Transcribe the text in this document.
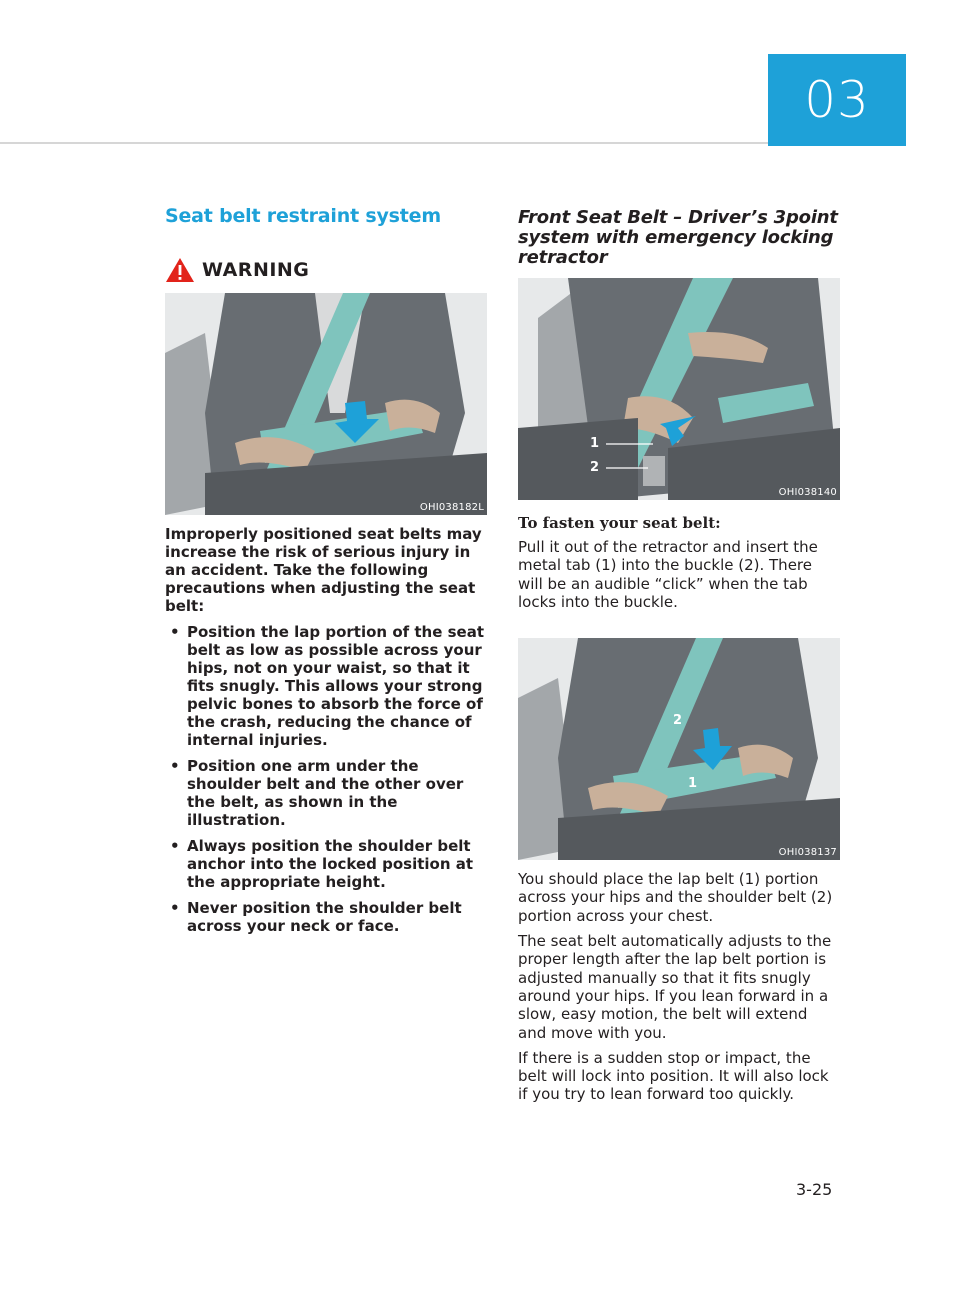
03
Seat belt restraint system
WARNING
OHI038182L
Improperly positioned seat belts may increase the risk of serious injury in an accident. Take the following precautions when adjusting the seat belt:
• Position the lap portion of the seat belt as low as possible across your hips, not on your waist, so that it fits snugly. This allows your strong pelvic bones to absorb the force of the crash, reducing the chance of internal injuries.
• Position one arm under the shoulder belt and the other over the belt, as shown in the illustration.
• Always position the shoulder belt anchor into the locked position at the appropriate height.
• Never position the shoulder belt across your neck or face.
Front Seat Belt – Driver’s 3point system with emergency locking retractor
1
2
OHI038140
To fasten your seat belt:
Pull it out of the retractor and insert the metal tab (1) into the buckle (2). There will be an audible “click” when the tab locks into the buckle.
2
1
OHI038137
You should place the lap belt (1) portion across your hips and the shoulder belt (2) portion across your chest.
The seat belt automatically adjusts to the proper length after the lap belt portion is adjusted manually so that it fits snugly around your hips. If you lean forward in a slow, easy motion, the belt will extend and move with you.
If there is a sudden stop or impact, the belt will lock into position. It will also lock if you try to lean forward too quickly.
3-25
